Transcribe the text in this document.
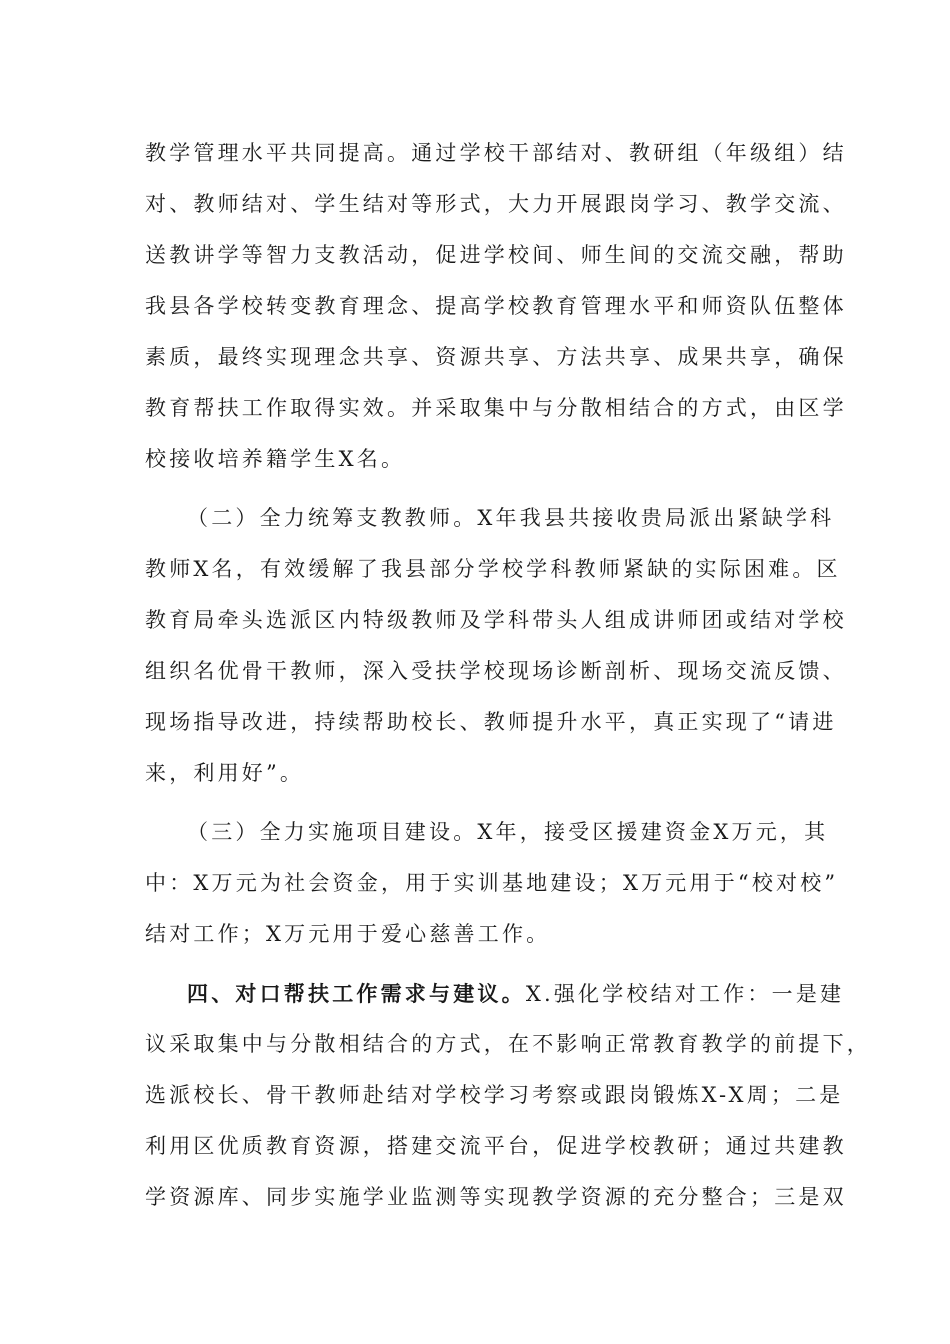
教学管理水平共同提高。通过学校干部结对、教研组（年级组）结
对、教师结对、学生结对等形式，大力开展跟岗学习、教学交流、
送教讲学等智力支教活动，促进学校间、师生间的交流交融，帮助
我县各学校转变教育理念、提高学校教育管理水平和师资队伍整体
素质，最终实现理念共享、资源共享、方法共享、成果共享，确保
教育帮扶工作取得实效。并采取集中与分散相结合的方式，由区学
校接收培养籍学生X名。
（二）全力统筹支教教师。X年我县共接收贵局派出紧缺学科
教师X名，有效缓解了我县部分学校学科教师紧缺的实际困难。区
教育局牵头选派区内特级教师及学科带头人组成讲师团或结对学校
组织名优骨干教师，深入受扶学校现场诊断剖析、现场交流反馈、
现场指导改进，持续帮助校长、教师提升水平，真正实现了“请进
来，利用好”。
（三）全力实施项目建设。X年，接受区援建资金X万元，其
中：X万元为社会资金，用于实训基地建设；X万元用于“校对校”
结对工作；X万元用于爱心慈善工作。
四、对口帮扶工作需求与建议。X.强化学校结对工作：一是建
议采取集中与分散相结合的方式，在不影响正常教育教学的前提下，
选派校长、骨干教师赴结对学校学习考察或跟岗锻炼X-X周；二是
利用区优质教育资源，搭建交流平台，促进学校教研；通过共建教
学资源库、同步实施学业监测等实现教学资源的充分整合；三是双
